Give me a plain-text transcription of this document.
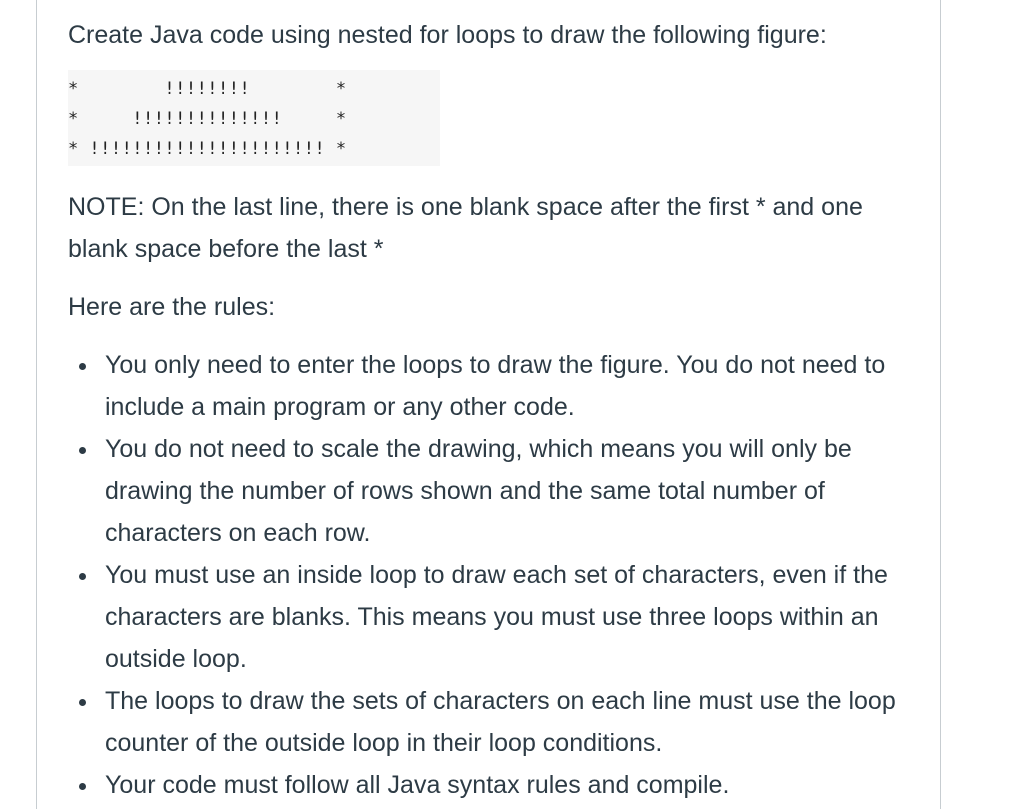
Create Java code using nested for loops to draw the following figure:

*        !!!!!!!!        *
*     !!!!!!!!!!!!!!     *
* !!!!!!!!!!!!!!!!!!!!!! *

NOTE: On the last line, there is one blank space after the first * and one blank space before the last *

Here are the rules:

You only need to enter the loops to draw the figure. You do not need to include a main program or any other code.
You do not need to scale the drawing, which means you will only be drawing the number of rows shown and the same total number of characters on each row.
You must use an inside loop to draw each set of characters, even if the characters are blanks. This means you must use three loops within an outside loop.
The loops to draw the sets of characters on each line must use the loop counter of the outside loop in their loop conditions.
Your code must follow all Java syntax rules and compile.
